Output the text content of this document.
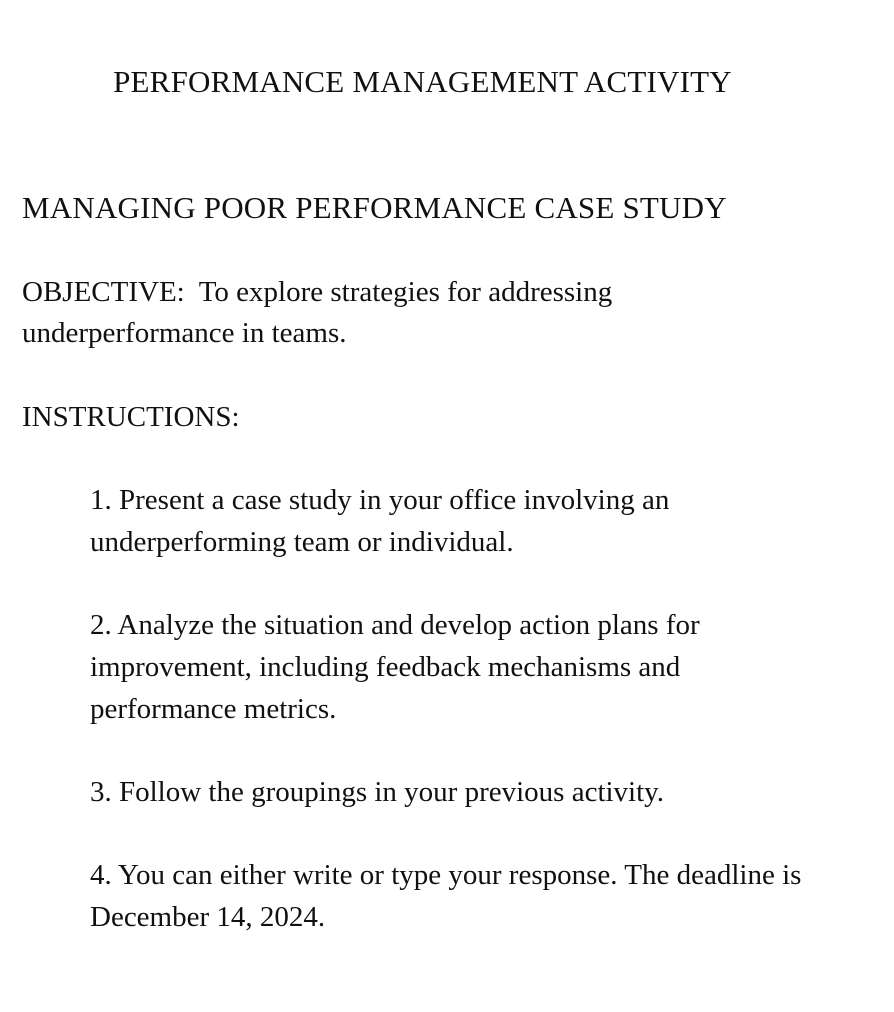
PERFORMANCE MANAGEMENT ACTIVITY
MANAGING POOR PERFORMANCE CASE STUDY
OBJECTIVE: To explore strategies for addressing underperformance in teams.
INSTRUCTIONS:
1. Present a case study in your office involving an underperforming team or individual.
2. Analyze the situation and develop action plans for improvement, including feedback mechanisms and performance metrics.
3. Follow the groupings in your previous activity.
4. You can either write or type your response. The deadline is December 14, 2024.
